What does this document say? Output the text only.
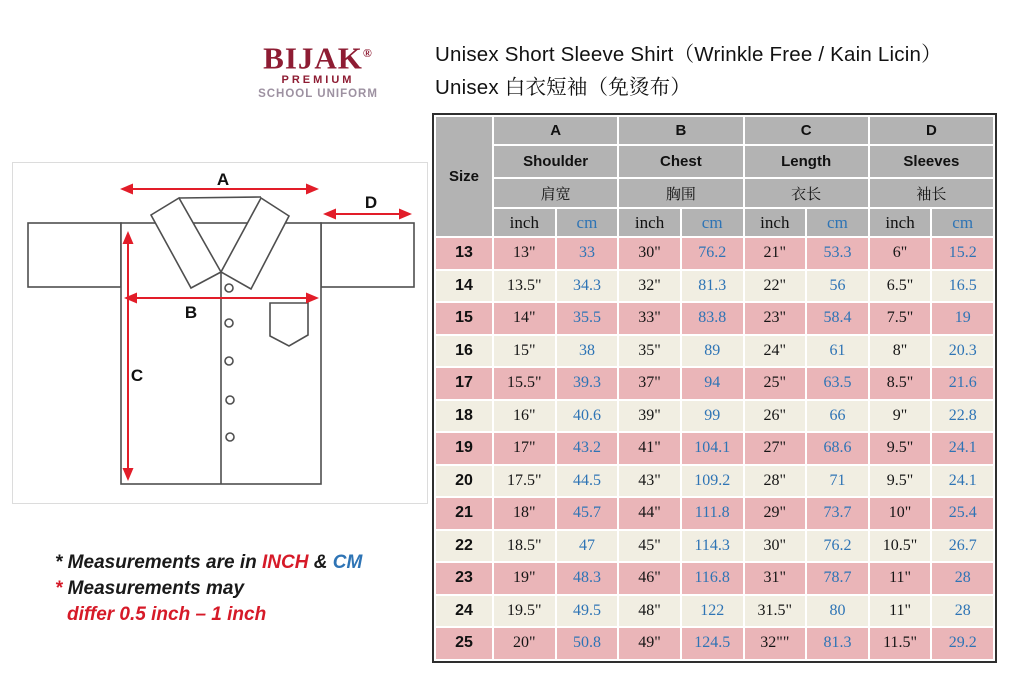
BIJAK®
PREMIUM
SCHOOL UNIFORM
Unisex Short Sleeve Shirt（Wrinkle Free / Kain Licin）
Unisex 白衣短袖（免烫布）
A
D
B
C
* Measurements are in INCH & CM
* Measurements may
differ 0.5 inch – 1 inch
Size	A		B		C		D	
	Shoulder		Chest		Length		Sleeves	
	肩宽		胸围		衣长		袖长	
	inch	cm	inch	cm	inch	cm	inch	cm
13	13"	33	30"	76.2	21"	53.3	6"	15.2
14	13.5"	34.3	32"	81.3	22"	56	6.5"	16.5
15	14"	35.5	33"	83.8	23"	58.4	7.5"	19
16	15"	38	35"	89	24"	61	8"	20.3
17	15.5"	39.3	37"	94	25"	63.5	8.5"	21.6
18	16"	40.6	39"	99	26"	66	9"	22.8
19	17"	43.2	41"	104.1	27"	68.6	9.5"	24.1
20	17.5"	44.5	43"	109.2	28"	71	9.5"	24.1
21	18"	45.7	44"	111.8	29"	73.7	10"	25.4
22	18.5"	47	45"	114.3	30"	76.2	10.5"	26.7
23	19"	48.3	46"	116.8	31"	78.7	11"	28
24	19.5"	49.5	48"	122	31.5"	80	11"	28
25	20"	50.8	49"	124.5	32""	81.3	11.5"	29.2
